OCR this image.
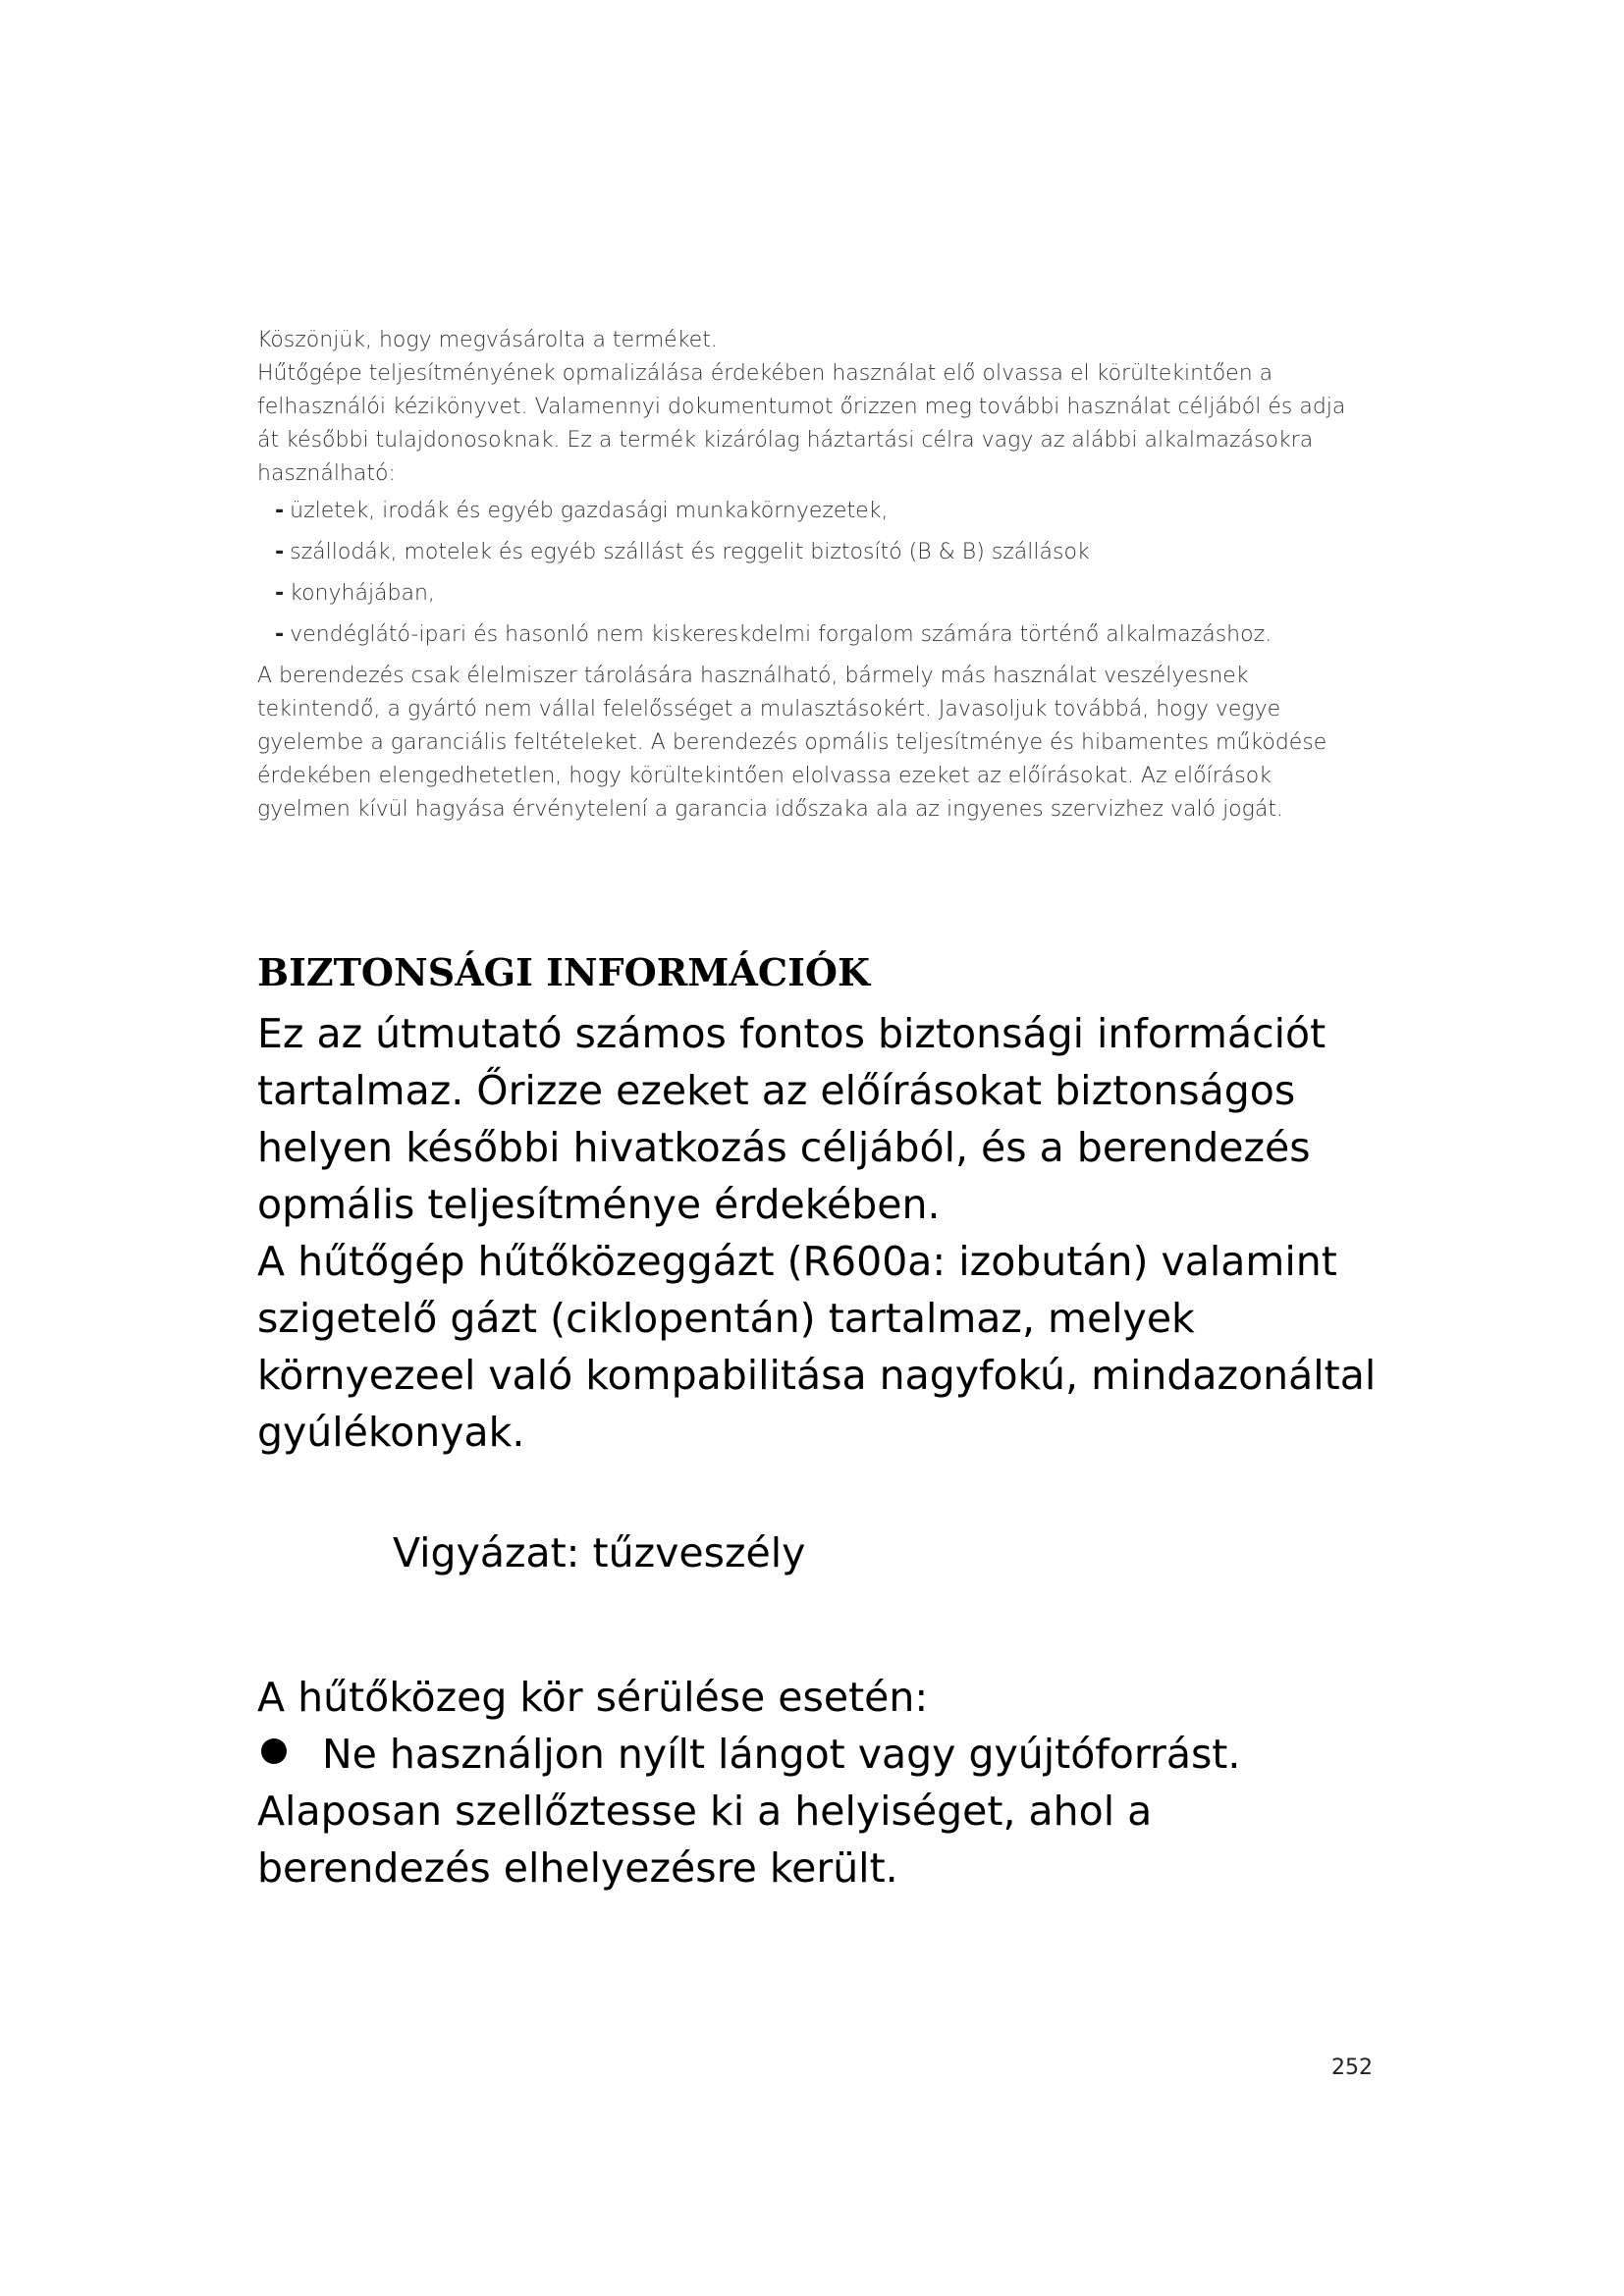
Köszönjük, hogy megvásárolta a terméket.

Hűtőgépe teljesítményének opmalizálása érdekében használat elő olvassa el körültekintően a felhasználói kézikönyvet. Valamennyi dokumentumot őrizzen meg további használat céljából és adja át későbbi tulajdonosoknak. Ez a termék kizárólag háztartási célra vagy az alábbi alkalmazásokra használható:

- üzletek, irodák és egyéb gazdasági munkakörnyezetek,
- szállodák, motelek és egyéb szállást és reggelit biztosító (B & B) szállások
- konyhájában,
- vendéglátó-ipari és hasonló nem kiskereskdelmi forgalom számára történő alkalmazáshoz.

A berendezés csak élelmiszer tárolására használható, bármely más használat veszélyesnek tekintendő, a gyártó nem vállal felelősséget a mulasztásokért. Javasoljuk továbbá, hogy vegye gyelembe a garanciális feltételeket. A berendezés opmális teljesítménye és hibamentes működése érdekében elengedhetetlen, hogy körültekintően elolvassa ezeket az előírásokat. Az előírások gyelmen kívül hagyása érvénytelení a garancia időszaka ala az ingyenes szervizhez való jogát.

BIZTONSÁGI INFORMÁCIÓK

Ez az útmutató számos fontos biztonsági információt tartalmaz. Őrizze ezeket az előírásokat biztonságos helyen későbbi hivatkozás céljából, és a berendezés opmális teljesítménye érdekében.

A hűtőgép hűtőközeggázt (R600a: izobután) valamint szigetelő gázt (ciklopentán) tartalmaz, melyek környezeel való kompabilitása nagyfokú, mindazonáltal gyúlékonyak.

Vigyázat: tűzveszély

A hűtőközeg kör sérülése esetén:

Ne használjon nyílt lángot vagy gyújtóforrást.

Alaposan szellőztesse ki a helyiséget, ahol a berendezés elhelyezésre került.

252
